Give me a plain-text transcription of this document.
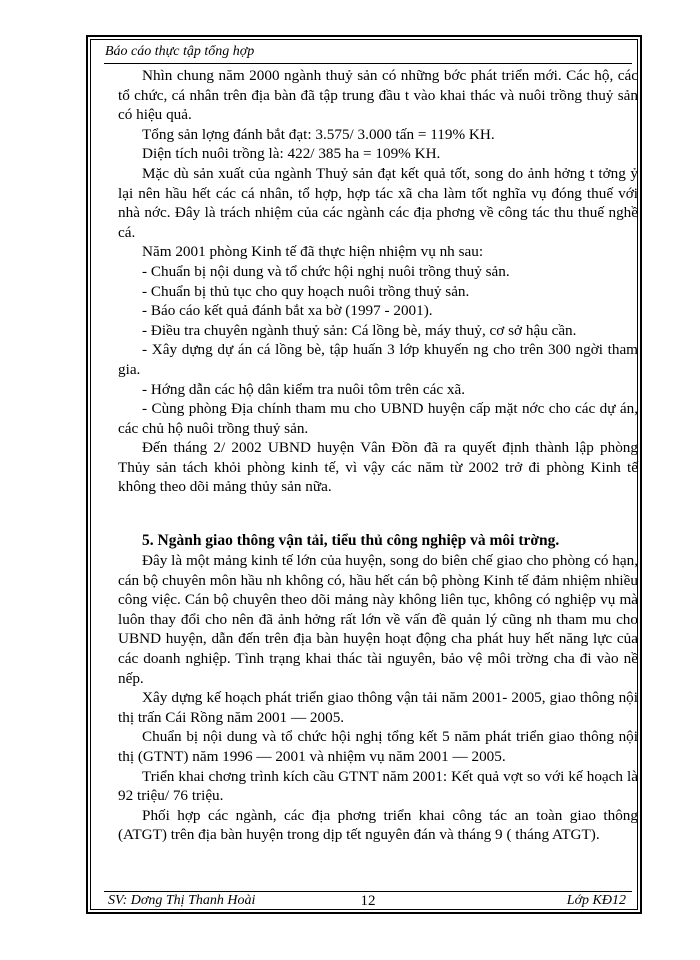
Báo cáo thực tập tổng hợp

Nhìn chung năm 2000 ngành thuỷ sản có những bớc phát triển mới. Các hộ, các tổ chức, cá nhân trên địa bàn đã tập trung đầu t vào khai thác và nuôi trồng thuỷ sản có hiệu quả.

Tổng sản lợng đánh bắt đạt: 3.575/ 3.000 tấn = 119% KH.

Diện tích nuôi trồng là: 422/ 385 ha = 109% KH.

Mặc dù sản xuất của ngành Thuỷ sản đạt kết quả tốt, song do ảnh hởng t tởng ỷ lại nên hầu hết các cá nhân, tổ hợp, hợp tác xã cha làm tốt nghĩa vụ đóng thuế với nhà nớc. Đây là trách nhiệm của các ngành các địa phơng về công tác thu thuế nghề cá.

Năm 2001 phòng Kinh tế đã thực hiện nhiệm vụ nh sau:

- Chuẩn bị nội dung và tổ chức hội nghị nuôi trồng thuỷ sản.

- Chuẩn bị thủ tục cho quy hoạch nuôi trồng thuỷ sản.

- Báo cáo kết quả đánh bắt xa bờ (1997 - 2001).

- Điều tra chuyên ngành thuỷ sản: Cá lồng bè, máy thuỷ, cơ sở hậu cần.

- Xây dựng dự án cá lồng bè, tập huấn 3 lớp khuyến ng cho trên 300 ngời tham gia.

- Hớng dẫn các hộ dân kiểm tra nuôi tôm trên các xã.

- Cùng phòng Địa chính tham mu cho UBND huyện cấp mặt nớc cho các dự án, các chủ hộ nuôi trồng thuỷ sản.

Đến tháng 2/ 2002 UBND huyện Vân Đồn đã ra quyết định thành lập phòng Thủy sản tách khỏi phòng kinh tế, vì vậy các năm từ 2002 trở đi phòng Kinh tế không theo dõi mảng thủy sản nữa.

5. Ngành giao thông vận tải, tiểu thủ công nghiệp và môi trờng.

Đây là một mảng kinh tế lớn của huyện, song do biên chế giao cho phòng có hạn, cán bộ chuyên môn hầu nh không có, hầu hết cán bộ phòng Kinh tế đảm nhiệm nhiều công việc. Cán bộ chuyên theo dõi mảng này không liên tục, không có nghiệp vụ mà luôn thay đổi cho nên đã ảnh hởng rất lớn về vấn đề quản lý cũng nh tham mu cho UBND huyện, dẫn đến trên địa bàn huyện hoạt động cha phát huy hết năng lực của các doanh nghiệp. Tình trạng khai thác tài nguyên, bảo vệ môi trờng cha đi vào nề nếp.

Xây dựng kế hoạch phát triển giao thông vận tải năm 2001- 2005, giao thông nội thị trấn Cái Rồng năm 2001 — 2005.

Chuẩn bị nội dung và tổ chức hội nghị tổng kết 5 năm phát triển giao thông nội thị (GTNT) năm 1996 — 2001 và nhiệm vụ năm 2001 — 2005.

Triển khai chơng trình kích cầu GTNT năm 2001: Kết quả vợt so với kế hoạch là 92 triệu/ 76 triệu.

Phối hợp các ngành, các địa phơng triển khai công tác an toàn giao thông (ATGT) trên địa bàn huyện trong dịp tết nguyên đán và tháng 9 ( tháng ATGT).

SV: Dơng Thị Thanh Hoài	12	Lớp KĐ12
